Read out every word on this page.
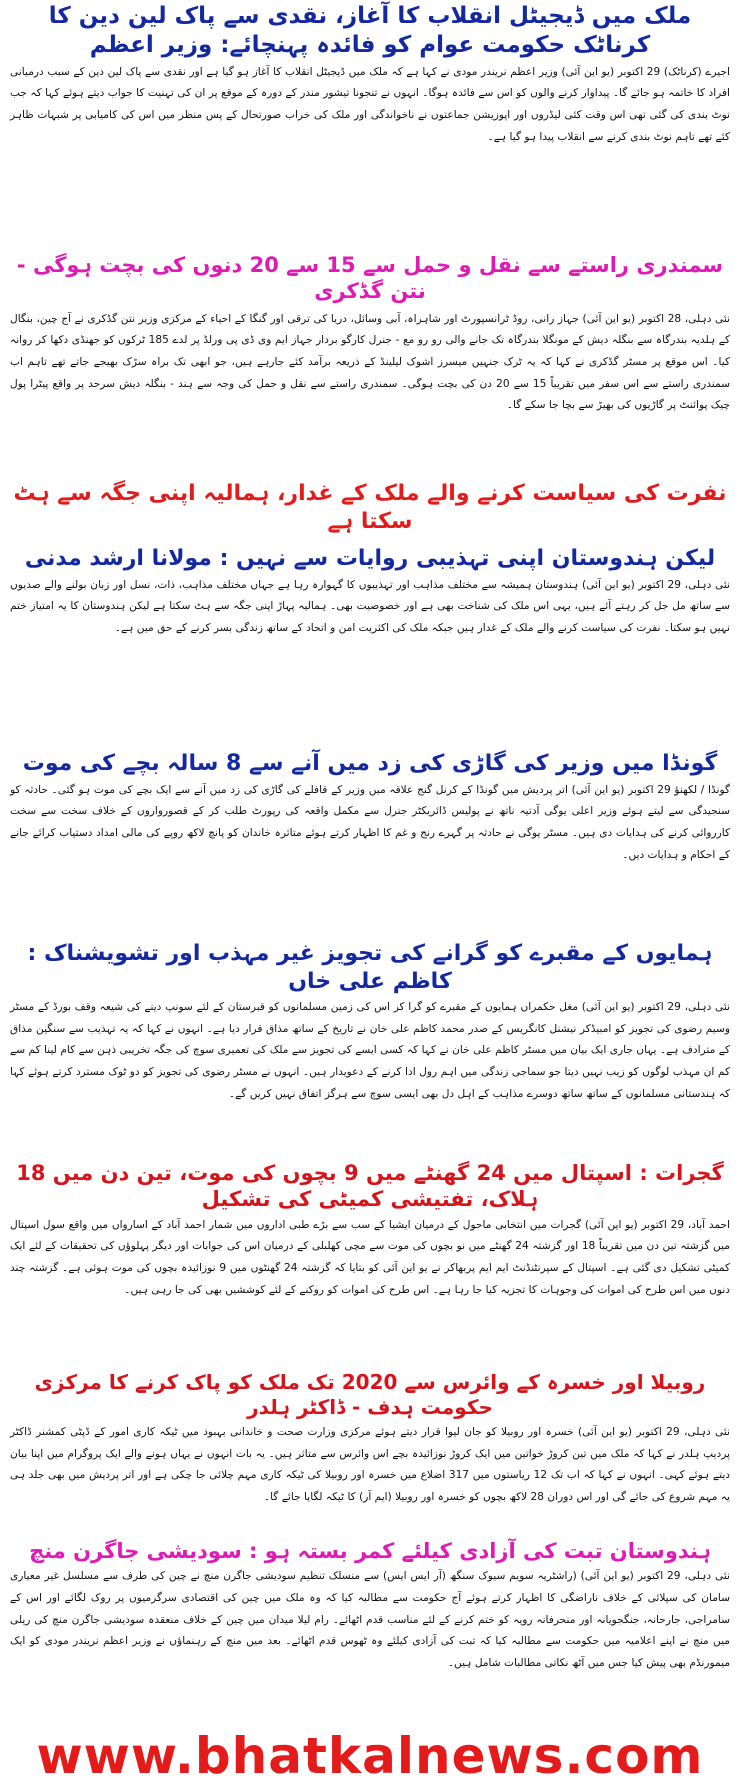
ملک میں ڈیجیٹل انقلاب کا آغاز، نقدی سے پاک لین دین کا کرناٹک حکومت عوام کو فائدہ پہنچائے: وزیر اعظم

اجیرے (کرناٹک) 29 اکتوبر (یو این آئی) وزیر اعظم نریندر مودی نے کہا ہے کہ ملک میں ڈیجیٹل انقلاب کا آغاز ہو گیا ہے اور نقدی سے پاک لین دین کے سبب درمیانی افراد کا خاتمہ ہو جائے گا۔ پیداوار کرنے والوں کو اس سے فائدہ ہوگا۔ انہوں نے تنجونا تیشور مندر کے دورہ کے موقع پر ان کی تہنیت کا جواب دیتے ہوئے کہا کہ جب نوٹ بندی کی گئی تھی اس وقت کئی لیڈروں اور اپوزیشن جماعتوں نے ناخواندگی اور ملک کی خراب صورتحال کے پس منظر میں اس کی کامیابی پر شبہات ظاہر کئے تھے تاہم نوٹ بندی کرنے سے انقلاب پیدا ہو گیا ہے۔

سمندری راستے سے نقل و حمل سے 15 سے 20 دنوں کی بچت ہوگی - نتن گڈکری

نئی دہلی، 28 اکتوبر (یو این آئی) جہاز رانی، روڈ ٹرانسپورٹ اور شاہراہ، آبی وسائل، دریا کی ترقی اور گنگا کے احیاء کے مرکزی وزیر نتن گڈکری نے آج چین، بنگال کے ہلدیہ بندرگاہ سے بنگلہ دیش کے مونگلا بندرگاہ تک جانے والی رو رو مع - جنرل کارگو بردار جہاز ایم وی ڈی پی ورلڈ پر لدے 185 ٹرکوں کو جھنڈی دکھا کر روانہ کیا۔ اس موقع پر مسٹر گڈکری نے کہا کہ یہ ٹرک جنہیں میسرز اشوک لیلینڈ کے ذریعہ برآمد کئے جارہے ہیں، جو ابھی تک براہ سڑک بھیجے جاتے تھے تاہم اب سمندری راستے سے اس سفر میں تقریباً 15 سے 20 دن کی بچت ہوگی۔ سمندری راستے سے نقل و حمل کی وجہ سے ہند - بنگلہ دیش سرحد پر واقع پیٹرا پول چیک پوائنٹ پر گاڑیوں کی بھیڑ سے بچا جا سکے گا۔

نفرت کی سیاست کرنے والے ملک کے غدار، ہمالیہ اپنی جگہ سے ہٹ سکتا ہے
لیکن ہندوستان اپنی تہذیبی روایات سے نہیں : مولانا ارشد مدنی

نئی دہلی، 29 اکتوبر (یو این آئی) ہندوستان ہمیشہ سے مختلف مذاہب اور تہذیبوں کا گہوارہ رہا ہے جہاں مختلف مذاہب، ذات، نسل اور زبان بولنے والے صدیوں سے ساتھ مل جل کر رہتے آئے ہیں، یہی اس ملک کی شناخت بھی ہے اور خصوصیت بھی۔ ہمالیہ پہاڑ اپنی جگہ سے ہٹ سکتا ہے لیکن ہندوستان کا یہ امتیاز ختم نہیں ہو سکتا۔ نفرت کی سیاست کرنے والے ملک کے غدار ہیں جبکہ ملک کی اکثریت امن و اتحاد کے ساتھ زندگی بسر کرنے کے حق میں ہے۔

گونڈا میں وزیر کی گاڑی کی زد میں آنے سے 8 سالہ بچے کی موت

گونڈا / لکھنؤ 29 اکتوبر (یو این آئی) اتر پردیش میں گونڈا کے کرنل گنج علاقہ میں وزیر کے قافلے کی گاڑی کی زد میں آنے سے ایک بچے کی موت ہو گئی۔ حادثہ کو سنجیدگی سے لیتے ہوئے وزیر اعلی یوگی آدتیہ ناتھ نے پولیس ڈائریکٹر جنرل سے مکمل واقعہ کی رپورٹ طلب کر کے قصورواروں کے خلاف سخت سے سخت کارروائی کرنے کی ہدایات دی ہیں۔ مسٹر یوگی نے حادثہ پر گہرے رنج و غم کا اظہار کرتے ہوئے متاثرہ خاندان کو پانچ لاکھ روپے کی مالی امداد دستیاب کرائے جانے کے احکام و ہدایات دیں۔

ہمایوں کے مقبرے کو گرانے کی تجویز غیر مہذب اور تشویشناک : کاظم علی خاں

نئی دہلی، 29 اکتوبر (یو این آئی) مغل حکمراں ہمایوں کے مقبرے کو گرا کر اس کی زمین مسلمانوں کو قبرستان کے لئے سونپ دینے کی شیعہ وقف بورڈ کے مسٹر وسیم رضوی کی تجویز کو امبیڈکر نیشنل کانگریس کے صدر محمد کاظم علی خان نے تاریخ کے ساتھ مذاق قرار دیا ہے۔ انہوں نے کہا کہ یہ تہذیب سے سنگین مذاق کے مترادف ہے۔ یہاں جاری ایک بیان میں مسٹر کاظم علی خان نے کہا کہ کسی ایسے کی تجویز سے ملک کی تعمیری سوچ کی جگہ تخریبی ذہن سے کام لینا کم سے کم ان مہذب لوگوں کو زیب نہیں دیتا جو سماجی زندگی میں اہم رول ادا کرنے کے دعویدار ہیں۔ انہوں نے مسٹر رضوی کی تجویز کو دو ٹوک مسترد کرتے ہوئے کہا کہ ہندستانی مسلمانوں کے ساتھ ساتھ دوسرے مذاہب کے اہل دل بھی ایسی سوچ سے ہرگز اتفاق نہیں کریں گے۔

گجرات : اسپتال میں 24 گھنٹے میں 9 بچوں کی موت، تین دن میں 18 ہلاک، تفتیشی کمیٹی کی تشکیل

احمد آباد، 29 اکتوبر (یو این آئی) گجرات میں انتخابی ماحول کے درمیان ایشیا کے سب سے بڑے طبی اداروں میں شمار احمد آباد کے اسارواں میں واقع سول اسپتال میں گزشتہ تین دن میں تقریباً 18 اور گزشتہ 24 گھنٹے میں نو بچوں کی موت سے مچی کھلبلی کے درمیان اس کی جوابات اور دیگر پہلوؤں کی تحقیقات کے لئے ایک کمیٹی تشکیل دی گئی ہے۔ اسپتال کے سپرنٹنڈنٹ ایم ایم پربھاکر نے یو این آئی کو بتایا کہ گزشتہ 24 گھنٹوں میں 9 نوزائیدہ بچوں کی موت ہوئی ہے۔ گزشتہ چند دنوں میں اس طرح کی اموات کی وجوہات کا تجزیہ کیا جا رہا ہے۔ اس طرح کی اموات کو روکنے کے لئے کوششیں بھی کی جا رہی ہیں۔

روبیلا اور خسرہ کے وائرس سے 2020 تک ملک کو پاک کرنے کا مرکزی حکومت ہدف - ڈاکٹر ہلدر

نئی دہلی، 29 اکتوبر (یو این آئی) خسرہ اور روبیلا کو جان لیوا قرار دیتے ہوئے مرکزی وزارت صحت و خاندانی بہبود میں ٹیکہ کاری امور کے ڈپٹی کمشنر ڈاکٹر پردیپ ہلدر نے کہا کہ ملک میں تین کروڑ خواتین میں ایک کروڑ نوزائیدہ بچے اس وائرس سے متاثر ہیں۔ یہ بات انہوں نے یہاں ہونے والے ایک پروگرام میں اپنا بیان دیتے ہوئے کہی۔ انہوں نے کہا کہ اب تک 12 ریاستوں میں 317 اضلاع میں خسرہ اور روبیلا کی ٹیکہ کاری مہم چلائی جا چکی ہے اور اتر پردیش میں بھی جلد ہی یہ مہم شروع کی جائے گی اور اس دوران 28 لاکھ بچوں کو خسرہ اور روبیلا (ایم آر) کا ٹیکہ لگایا جائے گا۔

ہندوستان تبت کی آزادی کیلئے کمر بستہ ہو : سودیشی جاگرن منچ

نئی دہلی، 29 اکتوبر (یو این آئی) (راشٹریہ سویم سیوک سنگھ (آر ایس ایس) سے منسلک تنظیم سودیشی جاگرن منچ نے چین کی طرف سے مسلسل غیر معیاری سامان کی سپلائی کے خلاف ناراضگی کا اظہار کرتے ہوئے آج حکومت سے مطالبہ کیا کہ وہ ملک میں چین کی اقتصادی سرگرمیوں پر روک لگائے اور اس کے سامراجی، جارحانہ، جنگجویانہ اور منحرفانہ رویہ کو ختم کرنے کے لئے مناسب قدم اٹھائے۔ رام لیلا میدان میں چین کے خلاف منعقدہ سودیشی جاگرن منچ کی ریلی میں منچ نے اپنے اعلامیہ میں حکومت سے مطالبہ کیا کہ تبت کی آزادی کیلئے وہ ٹھوس قدم اٹھائے۔ بعد میں منچ کے رہنماؤں نے وزیر اعظم نریندر مودی کو ایک میمورنڈم بھی پیش کیا جس میں آٹھ نکاتی مطالبات شامل ہیں۔

www.bhatkalnews.com
